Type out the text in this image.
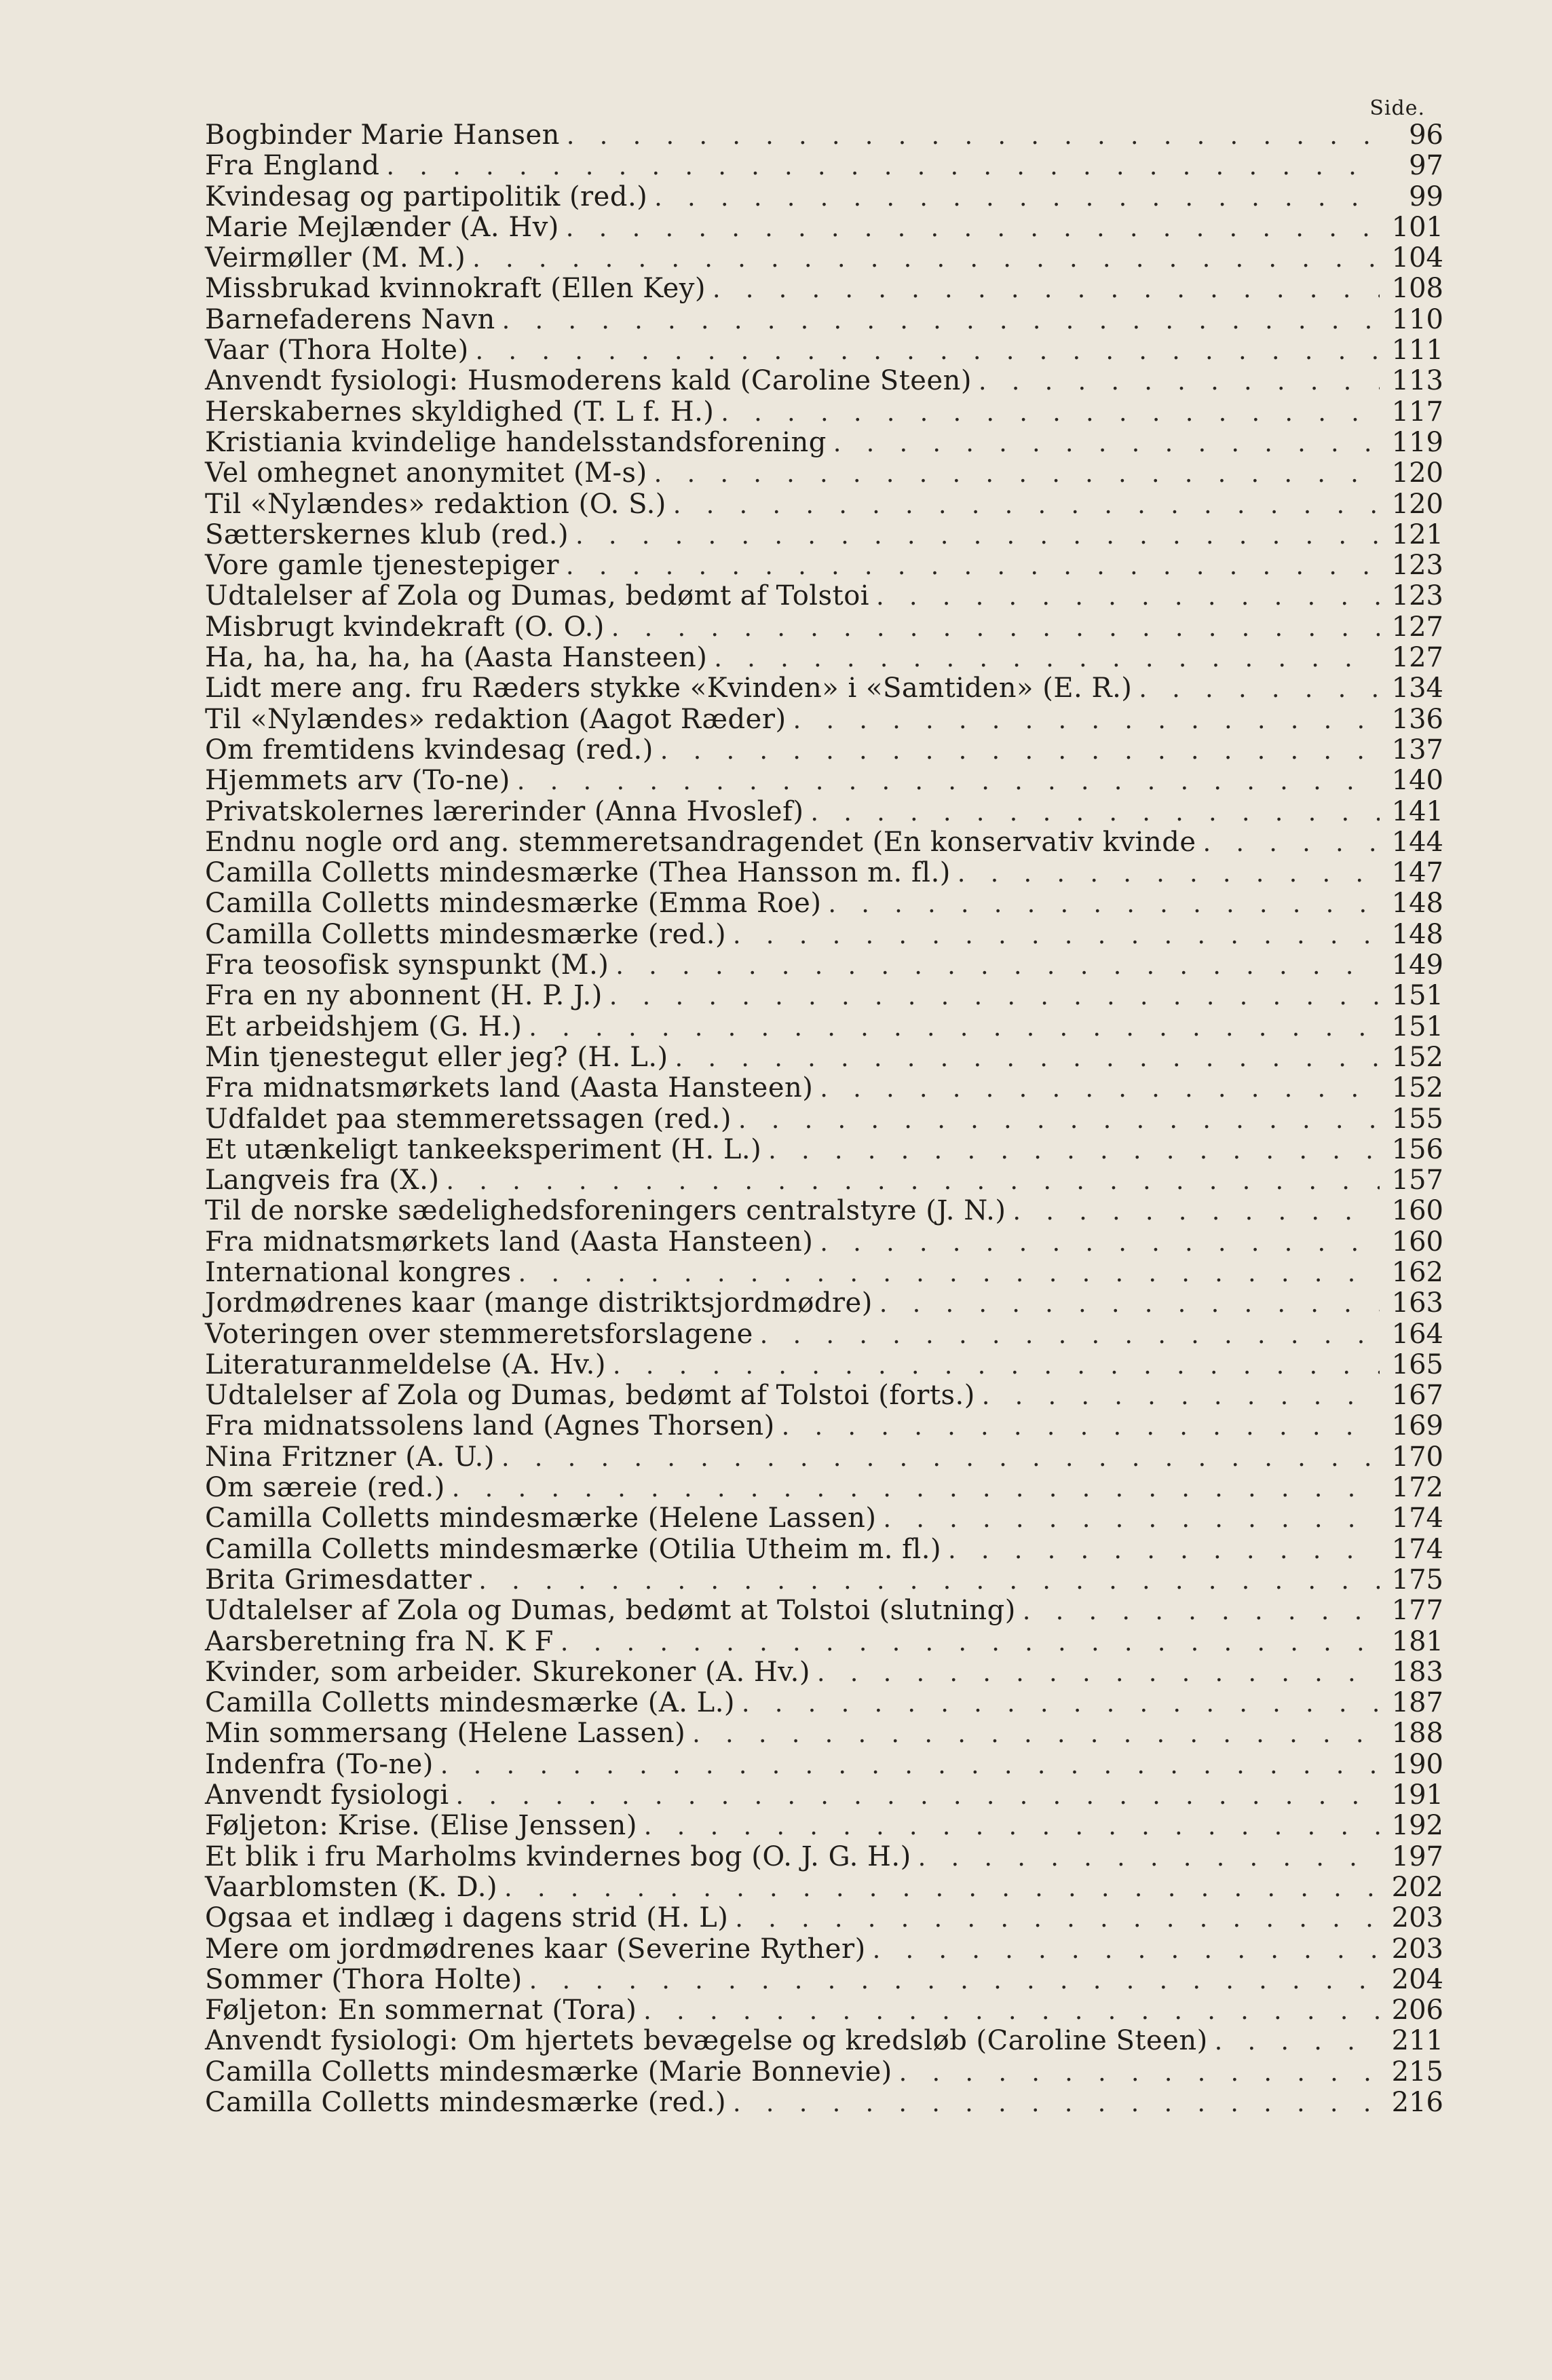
Side.
Bogbinder Marie Hansen . . .	96
Fra England . . .	97
Kvindesag og partipolitik (red.) . . .	99
Marie Mejlænder (A. Hv) . . .	101
Veirmøller (M. M.) . . .	104
Missbrukad kvinnokraft (Ellen Key) . . .	108
Barnefaderens Navn . . .	110
Vaar (Thora Holte) . . .	111
Anvendt fysiologi: Husmoderens kald (Caroline Steen) . . .	113
Herskabernes skyldighed (T. L f. H.) . . .	117
Kristiania kvindelige handelsstandsforening . . .	119
Vel omhegnet anonymitet (M-s) . . .	120
Til «Nylændes» redaktion (O. S.) . . .	120
Sætterskernes klub (red.) . . .	121
Vore gamle tjenestepiger . . .	123
Udtalelser af Zola og Dumas, bedømt af Tolstoi . . .	123
Misbrugt kvindekraft (O. O.) . . .	127
Ha, ha, ha, ha, ha (Aasta Hansteen) . . .	127
Lidt mere ang. fru Ræders stykke «Kvinden» i «Samtiden» (E. R.) . . .	134
Til «Nylændes» redaktion (Aagot Ræder) . . .	136
Om fremtidens kvindesag (red.) . . .	137
Hjemmets arv (To-ne) . . .	140
Privatskolernes lærerinder (Anna Hvoslef) . . .	141
Endnu nogle ord ang. stemmeretsandragendet (En konservativ kvinde . . .	144
Camilla Colletts mindesmærke (Thea Hansson m. fl.) . . .	147
Camilla Colletts mindesmærke (Emma Roe) . . .	148
Camilla Colletts mindesmærke (red.) . . .	148
Fra teosofisk synspunkt (M.) . . .	149
Fra en ny abonnent (H. P. J.) . . .	151
Et arbeidshjem (G. H.) . . .	151
Min tjenestegut eller jeg? (H. L.) . . .	152
Fra midnatsmørkets land (Aasta Hansteen) . . .	152
Udfaldet paa stemmeretssagen (red.) . . .	155
Et utænkeligt tankeeksperiment (H. L.) . . .	156
Langveis fra (X.) . . .	157
Til de norske sædelighedsforeningers centralstyre (J. N.) . . .	160
Fra midnatsmørkets land (Aasta Hansteen) . . .	160
International kongres . . .	162
Jordmødrenes kaar (mange distriktsjordmødre) . . .	163
Voteringen over stemmeretsforslagene . . .	164
Literaturanmeldelse (A. Hv.) . . .	165
Udtalelser af Zola og Dumas, bedømt af Tolstoi (forts.) . . .	167
Fra midnatssolens land (Agnes Thorsen) . . .	169
Nina Fritzner (A. U.) . . .	170
Om særeie (red.) . . .	172
Camilla Colletts mindesmærke (Helene Lassen) . . .	174
Camilla Colletts mindesmærke (Otilia Utheim m. fl.) . . .	174
Brita Grimesdatter . . .	175
Udtalelser af Zola og Dumas, bedømt at Tolstoi (slutning) . . .	177
Aarsberetning fra N. K F . . .	181
Kvinder, som arbeider. Skurekoner (A. Hv.) . . .	183
Camilla Colletts mindesmærke (A. L.) . . .	187
Min sommersang (Helene Lassen) . . .	188
Indenfra (To-ne) . . .	190
Anvendt fysiologi . . .	191
Føljeton: Krise. (Elise Jenssen) . . .	192
Et blik i fru Marholms kvindernes bog (O. J. G. H.) . . .	197
Vaarblomsten (K. D.) . . .	202
Ogsaa et indlæg i dagens strid (H. L) . . .	203
Mere om jordmødrenes kaar (Severine Ryther) . . .	203
Sommer (Thora Holte) . . .	204
Føljeton: En sommernat (Tora) . . .	206
Anvendt fysiologi: Om hjertets bevægelse og kredsløb (Caroline Steen) . . .	211
Camilla Colletts mindesmærke (Marie Bonnevie) . . .	215
Camilla Colletts mindesmærke (red.) . . .	216
